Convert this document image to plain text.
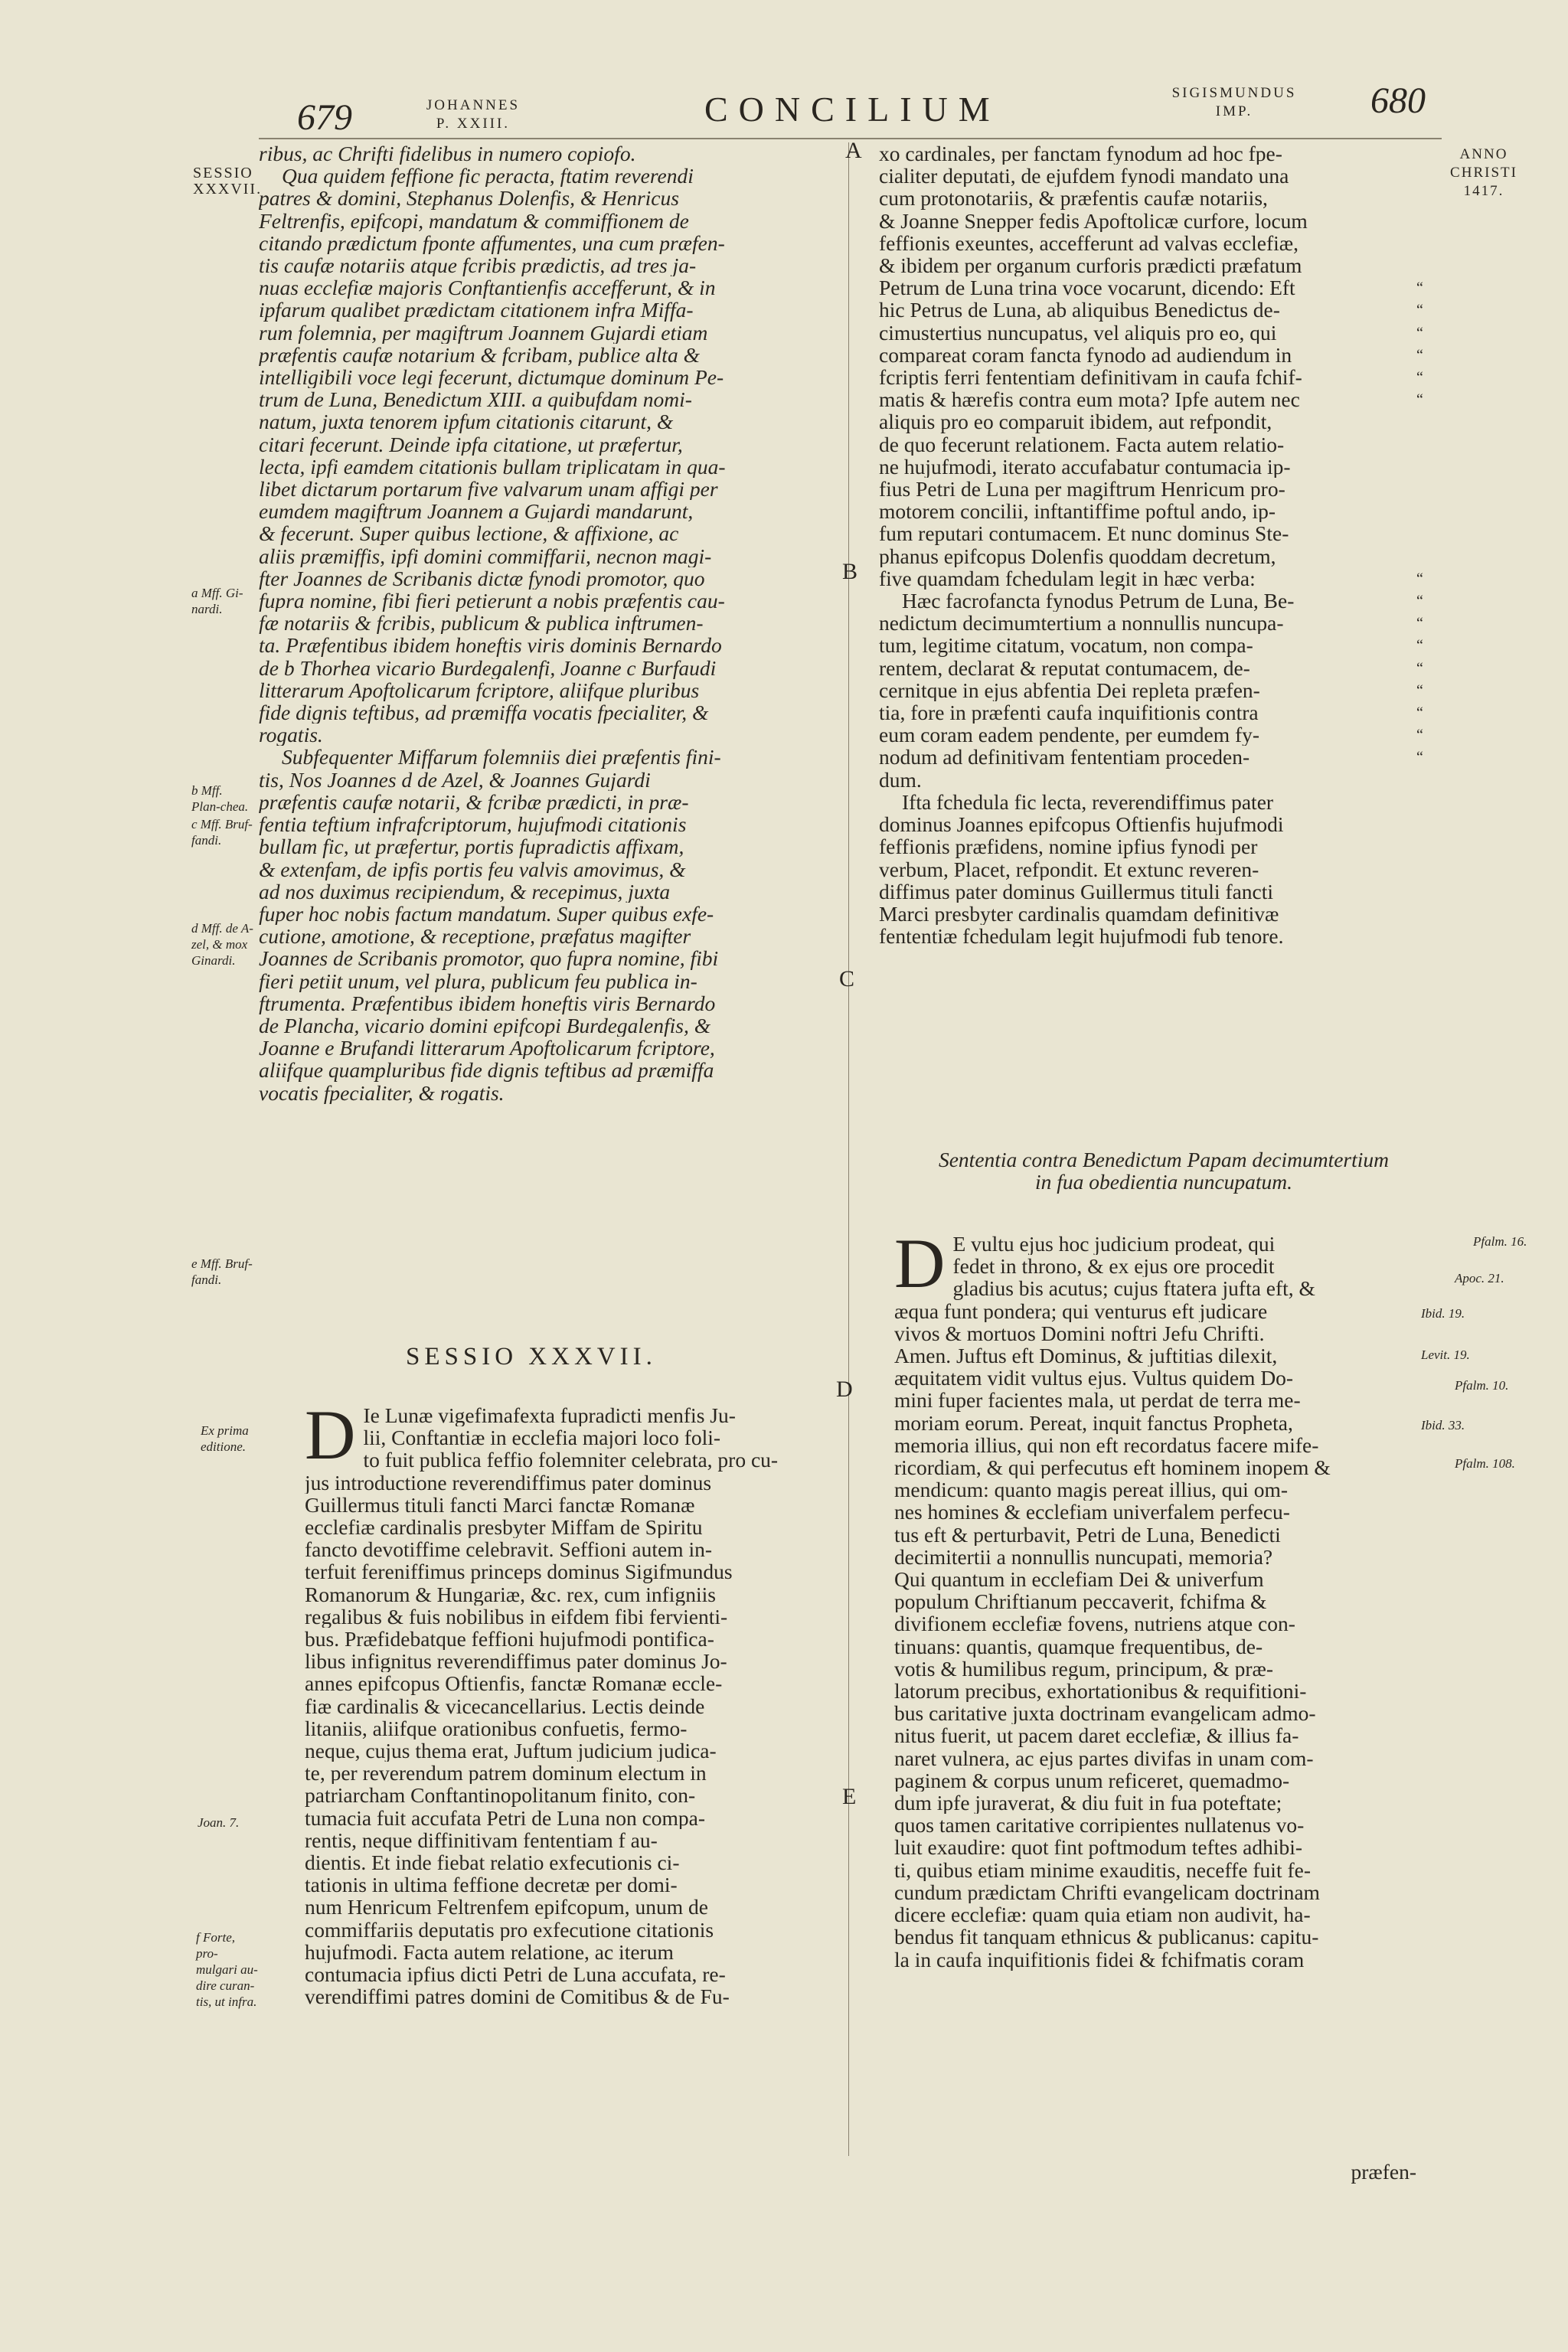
679	JOHANNES
P. XXIII.	CONCILIUM	SIGISMUNDUS
IMP.	680
SESSIO
XXXVII.
a Mff. Gi-nardi.
b Mff. Plan-chea.
c Mff. Bruf-fandi.
d Mff. de A-zel, & mox Ginardi.
e Mff. Bruf-fandi.
Ex prima editione.
Joan. 7.
f Forte, pro-mulgari au-dire curan-tis, ut infra.
A
B
C
D
E
ANNO
CHRISTI
1417.
Pfalm. 16.
Apoc. 21.
Ibid. 19.
Levit. 19.
Pfalm. 10.
Ibid. 33.
Pfalm. 108.
“
“
“
“
“
“
“
“
“
“
“
“
“
“
“
ribus, ac Chrifti fidelibus in numero copiofo.
Qua quidem feffione fic peracta, ftatim reverendi
patres & domini, Stephanus Dolenfis, & Henricus
Feltrenfis, epifcopi, mandatum & commiffionem de
citando prædictum fponte affumentes, una cum præfen-
tis caufæ notariis atque fcribis prædictis, ad tres ja-
nuas ecclefiæ majoris Conftantienfis accefferunt, & in
ipfarum qualibet prædictam citationem infra Miffa-
rum folemnia, per magiftrum Joannem Gujardi etiam
præfentis caufæ notarium & fcribam, publice alta &
intelligibili voce legi fecerunt, dictumque dominum Pe-
trum de Luna, Benedictum XIII. a quibufdam nomi-
natum, juxta tenorem ipfum citationis citarunt, &
citari fecerunt. Deinde ipfa citatione, ut præfertur,
lecta, ipfi eamdem citationis bullam triplicatam in qua-
libet dictarum portarum five valvarum unam affigi per
eumdem magiftrum Joannem a Gujardi mandarunt,
& fecerunt. Super quibus lectione, & affixione, ac
aliis præmiffis, ipfi domini commiffarii, necnon magi-
fter Joannes de Scribanis dictæ fynodi promotor, quo
fupra nomine, fibi fieri petierunt a nobis præfentis cau-
fæ notariis & fcribis, publicum & publica inftrumen-
ta. Præfentibus ibidem honeftis viris dominis Bernardo
de b Thorhea vicario Burdegalenfi, Joanne c Burfaudi
litterarum Apoftolicarum fcriptore, aliifque pluribus
fide dignis teftibus, ad præmiffa vocatis fpecialiter, &
rogatis.
Subfequenter Miffarum folemniis diei præfentis fini-
tis, Nos Joannes d de Azel, & Joannes Gujardi
præfentis caufæ notarii, & fcribæ prædicti, in præ-
fentia teftium infrafcriptorum, hujufmodi citationis
bullam fic, ut præfertur, portis fupradictis affixam,
& extenfam, de ipfis portis feu valvis amovimus, &
ad nos duximus recipiendum, & recepimus, juxta
fuper hoc nobis factum mandatum. Super quibus exfe-
cutione, amotione, & receptione, præfatus magifter
Joannes de Scribanis promotor, quo fupra nomine, fibi
fieri petiit unum, vel plura, publicum feu publica in-
ftrumenta. Præfentibus ibidem honeftis viris Bernardo
de Plancha, vicario domini epifcopi Burdegalenfis, &
Joanne e Brufandi litterarum Apoftolicarum fcriptore,
aliifque quampluribus fide dignis teftibus ad præmiffa
vocatis fpecialiter, & rogatis.
SESSIO XXXVII.
D Ie Lunæ vigefimafexta fupradicti menfis Ju-
lii, Conftantiæ in ecclefia majori loco foli-
to fuit publica feffio folemniter celebrata, pro cu-
jus introductione reverendiffimus pater dominus
Guillermus tituli fancti Marci fanctæ Romanæ
ecclefiæ cardinalis presbyter Miffam de Spiritu
fancto devotiffime celebravit. Seffioni autem in-
terfuit fereniffimus princeps dominus Sigifmundus
Romanorum & Hungariæ, &c. rex, cum infigniis
regalibus & fuis nobilibus in eifdem fibi fervienti-
bus. Præfidebatque feffioni hujufmodi pontifica-
libus infignitus reverendiffimus pater dominus Jo-
annes epifcopus Oftienfis, fanctæ Romanæ eccle-
fiæ cardinalis & vicecancellarius. Lectis deinde
litaniis, aliifque orationibus confuetis, fermo-
neque, cujus thema erat, Juftum judicium judica-
te, per reverendum patrem dominum electum in
patriarcham Conftantinopolitanum finito, con-
tumacia fuit accufata Petri de Luna non compa-
rentis, neque diffinitivam fententiam f au-
dientis. Et inde fiebat relatio exfecutionis ci-
tationis in ultima feffione decretæ per domi-
num Henricum Feltrenfem epifcopum, unum de
commiffariis deputatis pro exfecutione citationis
hujufmodi. Facta autem relatione, ac iterum
contumacia ipfius dicti Petri de Luna accufata, re-
verendiffimi patres domini de Comitibus & de Fu-
xo cardinales, per fanctam fynodum ad hoc fpe-
cialiter deputati, de ejufdem fynodi mandato una
cum protonotariis, & præfentis caufæ notariis,
& Joanne Snepper fedis Apoftolicæ curfore, locum
feffionis exeuntes, accefferunt ad valvas ecclefiæ,
& ibidem per organum curforis prædicti præfatum
Petrum de Luna trina voce vocarunt, dicendo: Eft
hic Petrus de Luna, ab aliquibus Benedictus de-
cimustertius nuncupatus, vel aliquis pro eo, qui
compareat coram fancta fynodo ad audiendum in
fcriptis ferri fententiam definitivam in caufa fchif-
matis & hærefis contra eum mota? Ipfe autem nec
aliquis pro eo comparuit ibidem, aut refpondit,
de quo fecerunt relationem. Facta autem relatio-
ne hujufmodi, iterato accufabatur contumacia ip-
fius Petri de Luna per magiftrum Henricum pro-
motorem concilii, inftantiffime poftul ando, ip-
fum reputari contumacem. Et nunc dominus Ste-
phanus epifcopus Dolenfis quoddam decretum,
five quamdam fchedulam legit in hæc verba:
Hæc facrofancta fynodus Petrum de Luna, Be-
nedictum decimumtertium a nonnullis nuncupa-
tum, legitime citatum, vocatum, non compa-
rentem, declarat & reputat contumacem, de-
cernitque in ejus abfentia Dei repleta præfen-
tia, fore in præfenti caufa inquifitionis contra
eum coram eadem pendente, per eumdem fy-
nodum ad definitivam fententiam proceden-
dum.
Ifta fchedula fic lecta, reverendiffimus pater
dominus Joannes epifcopus Oftienfis hujufmodi
feffionis præfidens, nomine ipfius fynodi per
verbum, Placet, refpondit. Et extunc reveren-
diffimus pater dominus Guillermus tituli fancti
Marci presbyter cardinalis quamdam definitivæ
fententiæ fchedulam legit hujufmodi fub tenore.
Sententia contra Benedictum Papam decimumtertium
in fua obedientia nuncupatum.
D E vultu ejus hoc judicium prodeat, qui
fedet in throno, & ex ejus ore procedit
gladius bis acutus; cujus ftatera jufta eft, &
æqua funt pondera; qui venturus eft judicare
vivos & mortuos Domini noftri Jefu Chrifti.
Amen. Juftus eft Dominus, & juftitias dilexit,
æquitatem vidit vultus ejus. Vultus quidem Do-
mini fuper facientes mala, ut perdat de terra me-
moriam eorum. Pereat, inquit fanctus Propheta,
memoria illius, qui non eft recordatus facere mife-
ricordiam, & qui perfecutus eft hominem inopem &
mendicum: quanto magis pereat illius, qui om-
nes homines & ecclefiam univerfalem perfecu-
tus eft & perturbavit, Petri de Luna, Benedicti
decimitertii a nonnullis nuncupati, memoria?
Qui quantum in ecclefiam Dei & univerfum
populum Chriftianum peccaverit, fchifma &
divifionem ecclefiæ fovens, nutriens atque con-
tinuans: quantis, quamque frequentibus, de-
votis & humilibus regum, principum, & præ-
latorum precibus, exhortationibus & requifitioni-
bus caritative juxta doctrinam evangelicam admo-
nitus fuerit, ut pacem daret ecclefiæ, & illius fa-
naret vulnera, ac ejus partes divifas in unam com-
paginem & corpus unum reficeret, quemadmo-
dum ipfe juraverat, & diu fuit in fua poteftate;
quos tamen caritative corripientes nullatenus vo-
luit exaudire: quot fint poftmodum teftes adhibi-
ti, quibus etiam minime exauditis, neceffe fuit fe-
cundum prædictam Chrifti evangelicam doctrinam
dicere ecclefiæ: quam quia etiam non audivit, ha-
bendus fit tanquam ethnicus & publicanus: capitu-
la in caufa inquifitionis fidei & fchifmatis coram
præfen-
